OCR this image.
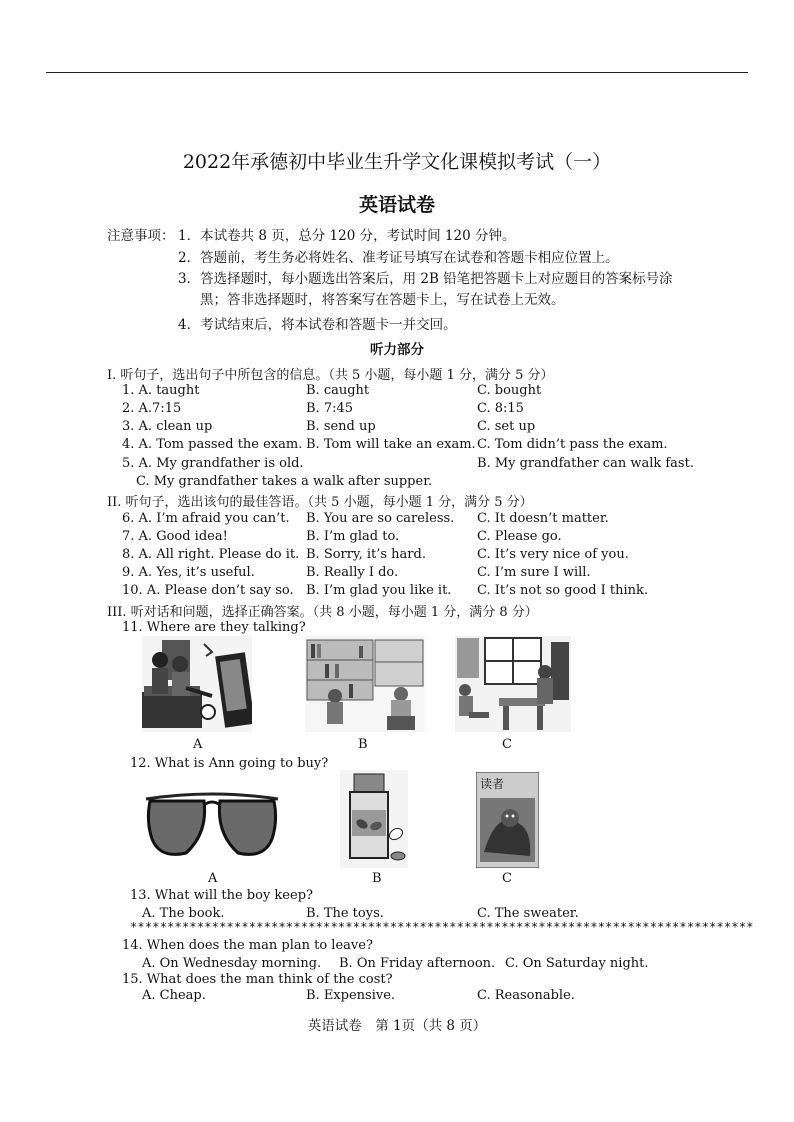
2022年承德初中毕业生升学文化课模拟考试（一）
英语试卷
注意事项： 1．本试卷共 8 页，总分 120 分，考试时间 120 分钟。
2．答题前，考生务必将姓名、准考证号填写在试卷和答题卡相应位置上。
3．答选择题时，每小题选出答案后，用 2B 铅笔把答题卡上对应题目的答案标号涂
黑；答非选择题时，将答案写在答题卡上，写在试卷上无效。
4．考试结束后，将本试卷和答题卡一并交回。
听力部分
I. 听句子，选出句子中所包含的信息。（共 5 小题，每小题 1 分，满分 5 分）
1. A. taught	B. caught	C. bought
2. A.7:15	B. 7:45	C. 8:15
3. A. clean up	B. send up	C. set up
4. A. Tom passed the exam. B. Tom will take an exam. C. Tom didn’t pass the exam.
5. A. My grandfather is old.	B. My grandfather can walk fast.
C. My grandfather takes a walk after supper.
II. 听句子，选出该句的最佳答语。（共 5 小题，每小题 1 分，满分 5 分）
6. A. I’m afraid you can’t. B. You are so careless. C. It doesn’t matter.
7. A. Good idea!	B. I’m glad to.	C. Please go.
8. A. All right. Please do it. B. Sorry, it’s hard.	C. It’s very nice of you.
9. A. Yes, it’s useful.	B. Really I do.	C. I’m sure I will.
10. A. Please don’t say so. B. I’m glad you like it. C. It’s not so good I think.
III. 听对话和问题，选择正确答案。（共 8 小题，每小题 1 分，满分 8 分）
11. Where are they talking?
A	B	C
12. What is Ann going to buy?
读者
A	B	C
13. What will the boy keep?
A. The book.	B. The toys.	C. The sweater.
************************************************************************************
14. When does the man plan to leave?
A. On Wednesday morning. B. On Friday afternoon. C. On Saturday night.
15. What does the man think of the cost?
A. Cheap.	B. Expensive.	C. Reasonable.
英语试卷　第 1页（共 8 页）
